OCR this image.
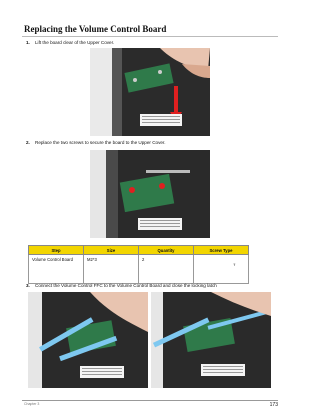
Replacing the Volume Control Board
1.	Lift the board clear of the Upper Cover.
2.	Replace the two screws to secure the board to the Upper Cover.
Step	Size	Quantity	Screw Type
Volume Control Board	M2*3	2	
3.	Connect the Volume Control FFC to the Volume Control Board and close the locking latch
Chapter 3	173
